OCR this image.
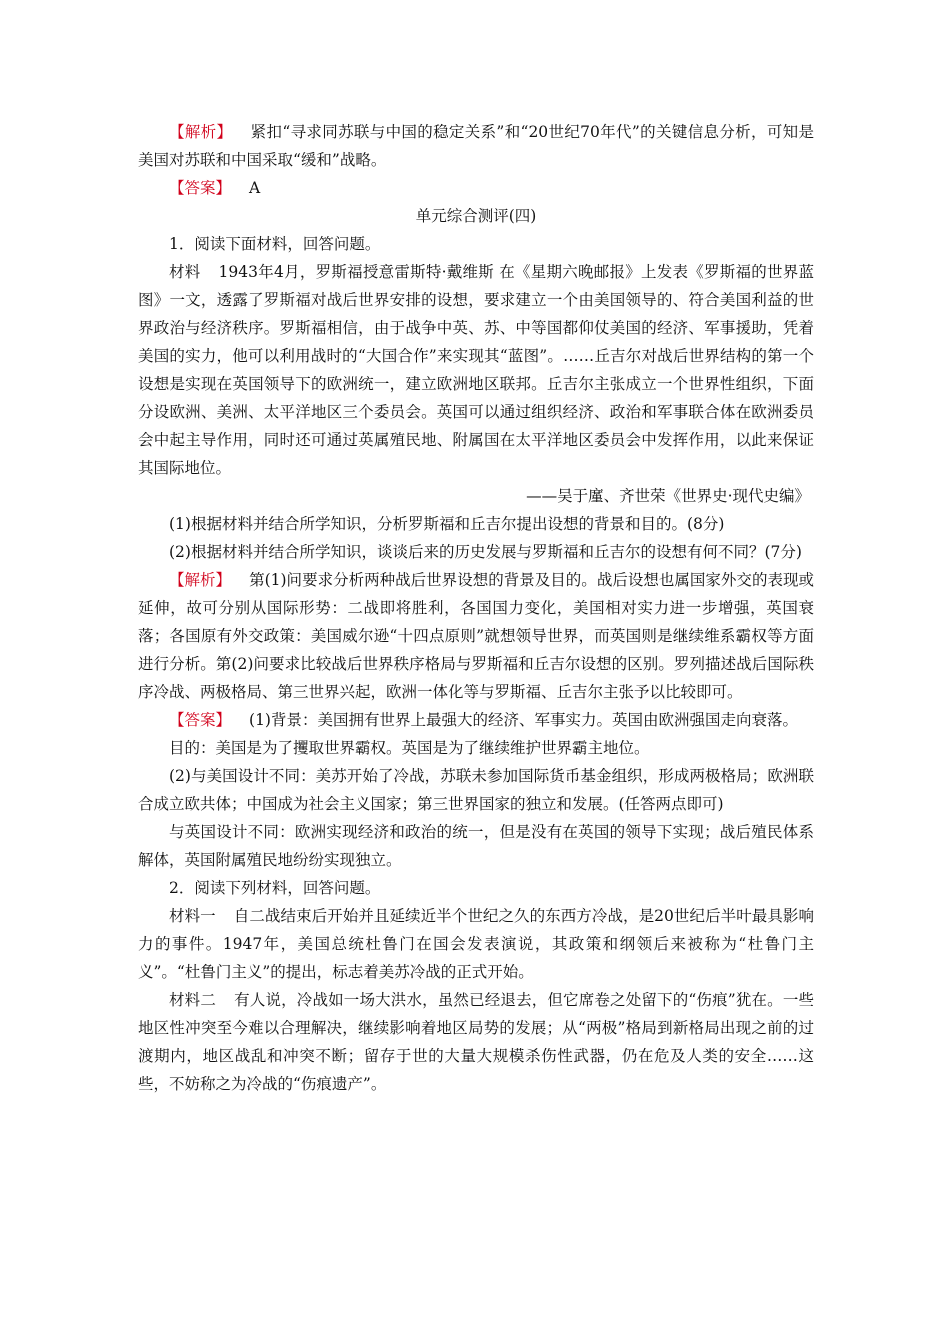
【解析】 紧扣“寻求同苏联与中国的稳定关系”和“20世纪70年代”的关键信息分析，可知是美国对苏联和中国采取“缓和”战略。

【答案】 A

单元综合测评(四)

1．阅读下面材料，回答问题。

材料 1943年4月，罗斯福授意雷斯特·戴维斯 在《星期六晚邮报》上发表《罗斯福的世界蓝图》一文，透露了罗斯福对战后世界安排的设想，要求建立一个由美国领导的、符合美国利益的世界政治与经济秩序。罗斯福相信，由于战争中英、苏、中等国都仰仗美国的经济、军事援助，凭着美国的实力，他可以利用战时的“大国合作”来实现其“蓝图”。……丘吉尔对战后世界结构的第一个设想是实现在英国领导下的欧洲统一，建立欧洲地区联邦。丘吉尔主张成立一个世界性组织，下面分设欧洲、美洲、太平洋地区三个委员会。英国可以通过组织经济、政治和军事联合体在欧洲委员会中起主导作用，同时还可通过英属殖民地、附属国在太平洋地区委员会中发挥作用，以此来保证其国际地位。

——吴于廑、齐世荣《世界史·现代史编》

(1)根据材料并结合所学知识，分析罗斯福和丘吉尔提出设想的背景和目的。(8分)

(2)根据材料并结合所学知识，谈谈后来的历史发展与罗斯福和丘吉尔的设想有何不同？(7分)

【解析】 第(1)问要求分析两种战后世界设想的背景及目的。战后设想也属国家外交的表现或延伸，故可分别从国际形势：二战即将胜利，各国国力变化，美国相对实力进一步增强，英国衰落；各国原有外交政策：美国威尔逊“十四点原则”就想领导世界，而英国则是继续维系霸权等方面进行分析。第(2)问要求比较战后世界秩序格局与罗斯福和丘吉尔设想的区别。罗列描述战后国际秩序冷战、两极格局、第三世界兴起，欧洲一体化等与罗斯福、丘吉尔主张予以比较即可。

【答案】 (1)背景：美国拥有世界上最强大的经济、军事实力。英国由欧洲强国走向衰落。

目的：美国是为了攫取世界霸权。英国是为了继续维护世界霸主地位。

(2)与美国设计不同：美苏开始了冷战，苏联未参加国际货币基金组织，形成两极格局；欧洲联合成立欧共体；中国成为社会主义国家；第三世界国家的独立和发展。(任答两点即可)

与英国设计不同：欧洲实现经济和政治的统一，但是没有在英国的领导下实现；战后殖民体系解体，英国附属殖民地纷纷实现独立。

2．阅读下列材料，回答问题。

材料一 自二战结束后开始并且延续近半个世纪之久的东西方冷战，是20世纪后半叶最具影响力的事件。1947年，美国总统杜鲁门在国会发表演说，其政策和纲领后来被称为“杜鲁门主义”。“杜鲁门主义”的提出，标志着美苏冷战的正式开始。

材料二 有人说，冷战如一场大洪水，虽然已经退去，但它席卷之处留下的“伤痕”犹在。一些地区性冲突至今难以合理解决，继续影响着地区局势的发展；从“两极”格局到新格局出现之前的过渡期内，地区战乱和冲突不断；留存于世的大量大规模杀伤性武器，仍在危及人类的安全……这些，不妨称之为冷战的“伤痕遗产”。
